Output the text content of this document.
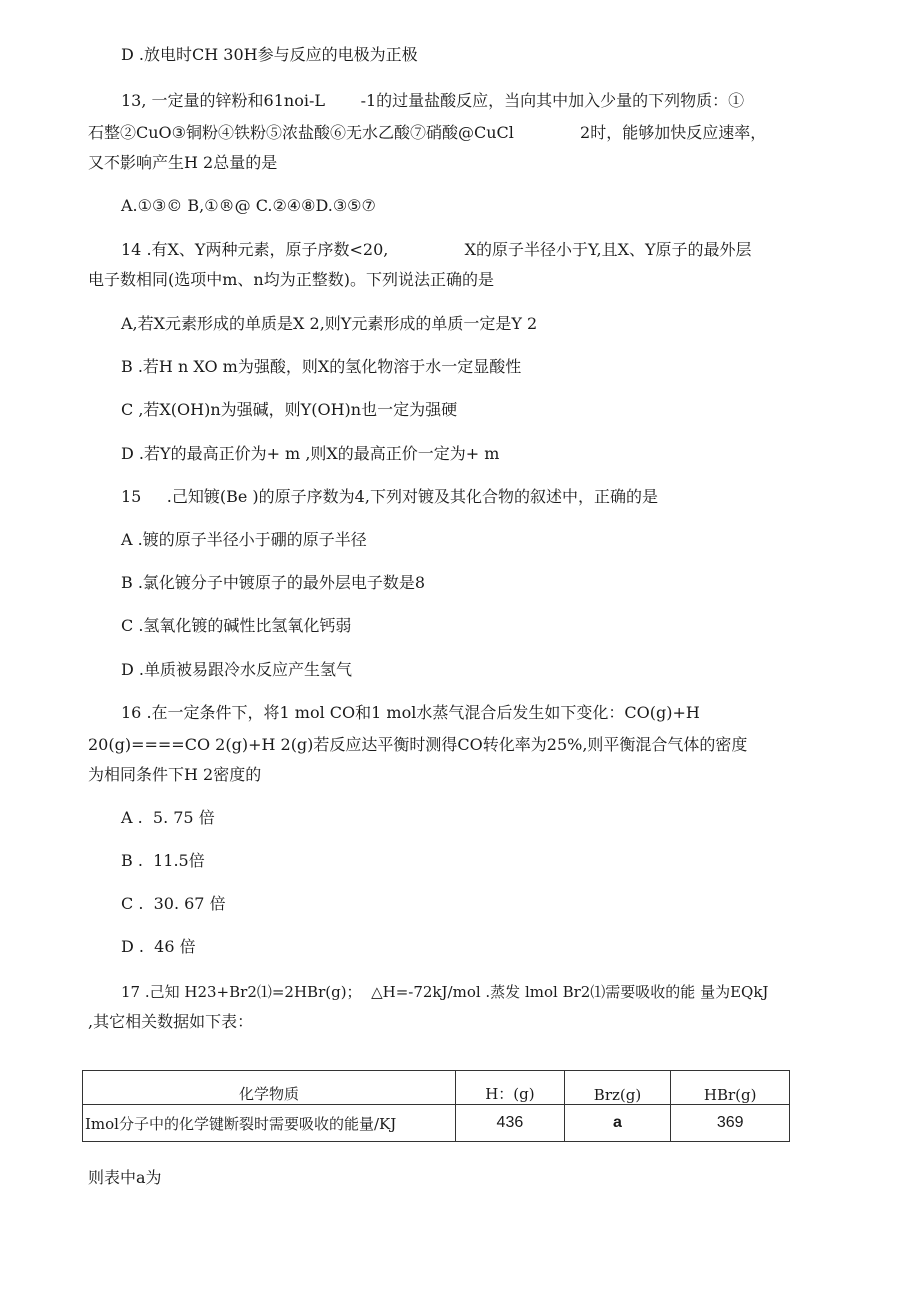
D .放电时CH 30H参与反应的电极为正极
13, 一定量的锌粉和61noi-L       -1的过量盐酸反应，当向其中加入少量的下列物质：①
石整②CuO③铜粉④铁粉⑤浓盐酸⑥无水乙酸⑦硝酸@CuCl             2时，能够加快反应速率，
又不影响产生H 2总量的是
A.①③© B,①®@ C.②④⑧D.③⑤⑦
14 .有X、Y两种元素，原子序数<20,               X的原子半径小于Y,且X、Y原子的最外层
电子数相同(选项中m、n均为正整数)。下列说法正确的是
A,若X元素形成的单质是X 2,则Y元素形成的单质一定是Y 2
B .若H n XO m为强酸，则X的氢化物溶于水一定显酸性
C ,若X(OH)n为强碱，则Y(OH)n也一定为强硬
D .若Y的最高正价为+ m ,则X的最高正价一定为+ m
15     .己知镀(Be )的原子序数为4,下列对镀及其化合物的叙述中，正确的是
A .镀的原子半径小于硼的原子半径
B .氯化镀分子中镀原子的最外层电子数是8
C .氢氧化镀的碱性比氢氧化钙弱
D .单质被易跟冷水反应产生氢气
16 .在一定条件下，将1 mol CO和1 mol水蒸气混合后发生如下变化：CO(g)+H
20(g)====CO 2(g)+H 2(g)若反应达平衡时测得CO转化率为25%,则平衡混合气体的密度
为相同条件下H 2密度的
A .  5. 75 倍
B .  11.5倍
C .  30. 67 倍
D .  46 倍
17 .己知 H23+Br2⑴=2HBr(g)；  △H=-72kJ/mol .蒸发 lmol Br2⑴需要吸收的能 量为EQkJ
,其它相关数据如下表：
化学物质	H：(g)	Brz(g)	HBr(g)
Imol分子中的化学键断裂时需要吸收的能量/KJ	436	a	369
则表中a为
